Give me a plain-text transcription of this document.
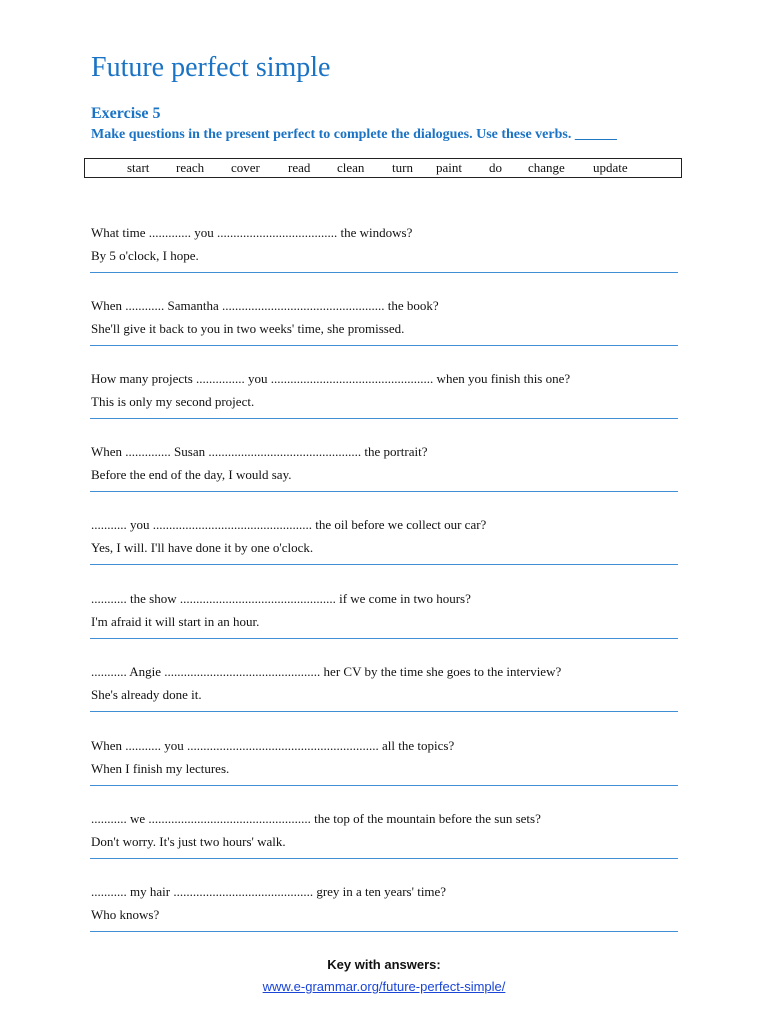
Future perfect simple
Exercise 5
Make questions in the present perfect to complete the dialogues. Use these verbs. ______
start reach cover read clean turn paint do change update
What time ............. you ..................................... the windows?
By 5 o'clock, I hope.
When ............ Samantha .................................................. the book?
She'll give it back to you in two weeks' time, she promissed.
How many projects ............... you .................................................. when you finish this one?
This is only my second project.
When .............. Susan ............................................... the portrait?
Before the end of the day, I would say.
........... you ................................................. the oil before we collect our car?
Yes, I will. I'll have done it by one o'clock.
........... the show ................................................ if we come in two hours?
I'm afraid it will start in an hour.
........... Angie ................................................ her CV by the time she goes to the interview?
She's already done it.
When ........... you ........................................................... all the topics?
When I finish my lectures.
........... we .................................................. the top of the mountain before the sun sets?
Don't worry. It's just two hours' walk.
........... my hair ........................................... grey in a ten years' time?
Who knows?
Key with answers:
www.e-grammar.org/future-perfect-simple/
